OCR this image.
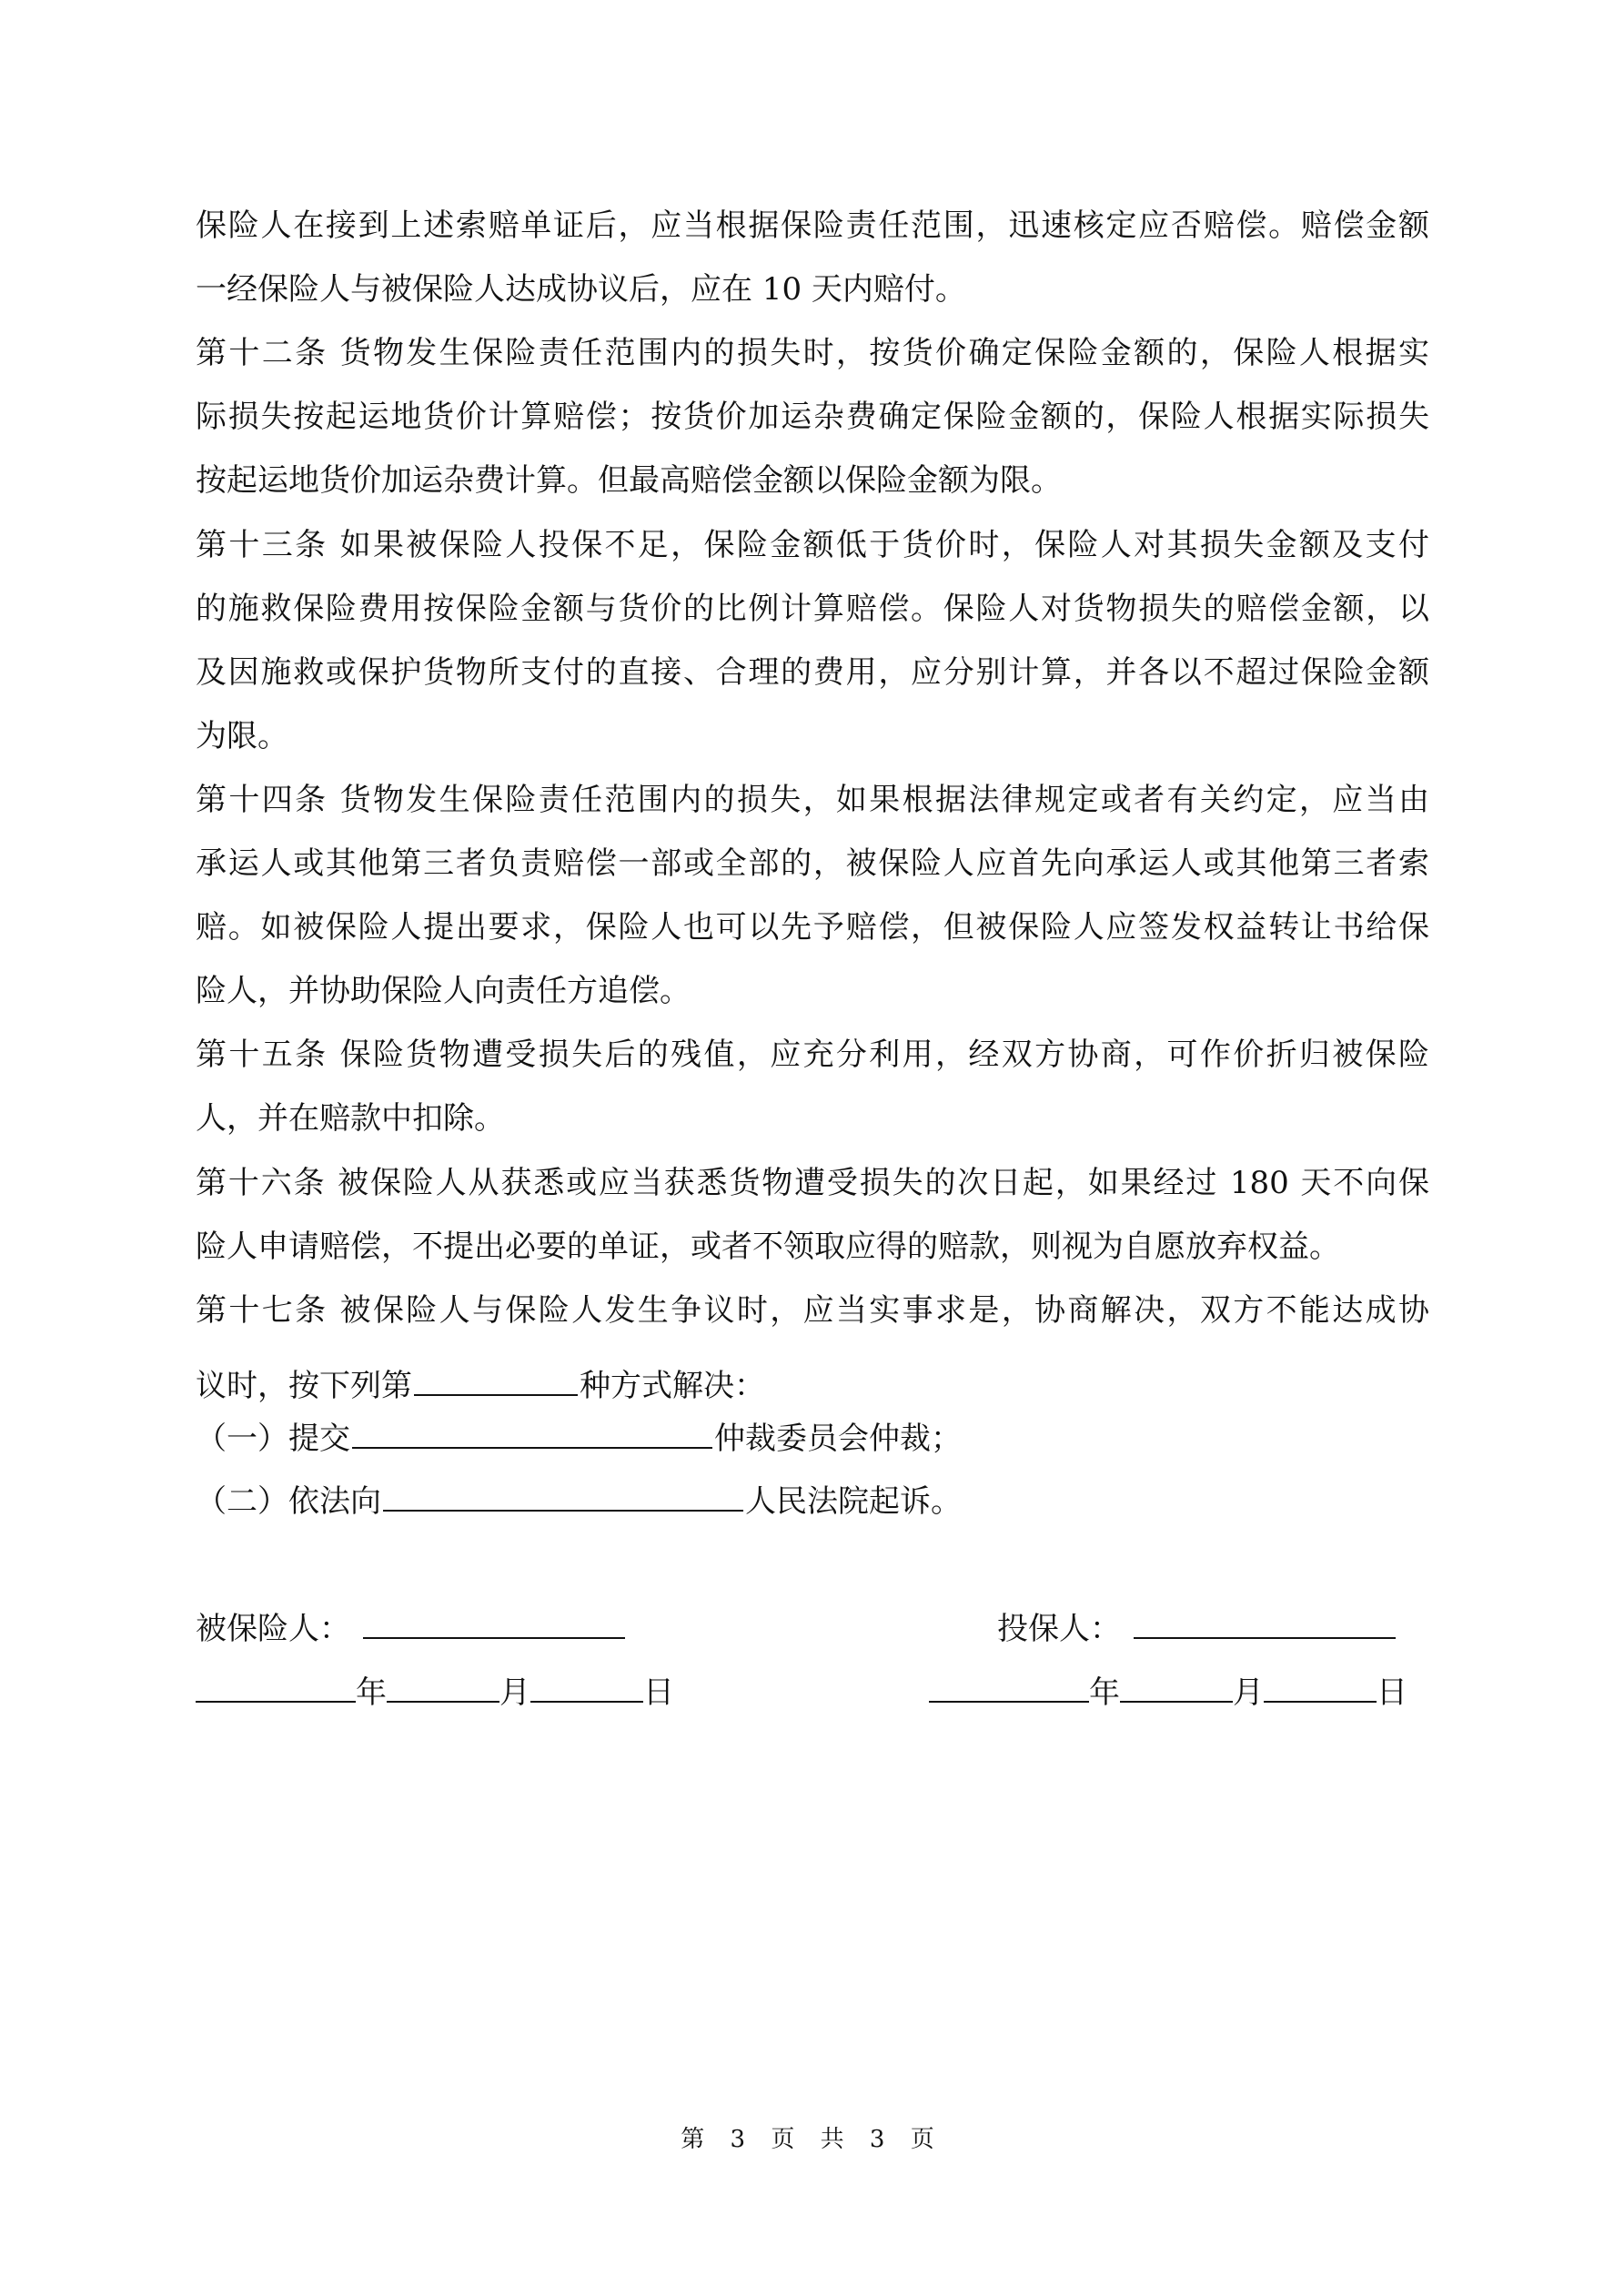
保险人在接到上述索赔单证后，应当根据保险责任范围，迅速核定应否赔偿。赔偿金额
一经保险人与被保险人达成协议后，应在 10 天内赔付。
第十二条 货物发生保险责任范围内的损失时，按货价确定保险金额的，保险人根据实
际损失按起运地货价计算赔偿；按货价加运杂费确定保险金额的，保险人根据实际损失
按起运地货价加运杂费计算。但最高赔偿金额以保险金额为限。
第十三条 如果被保险人投保不足，保险金额低于货价时，保险人对其损失金额及支付
的施救保险费用按保险金额与货价的比例计算赔偿。保险人对货物损失的赔偿金额，以
及因施救或保护货物所支付的直接、合理的费用，应分别计算，并各以不超过保险金额
为限。
第十四条 货物发生保险责任范围内的损失，如果根据法律规定或者有关约定，应当由
承运人或其他第三者负责赔偿一部或全部的，被保险人应首先向承运人或其他第三者索
赔。如被保险人提出要求，保险人也可以先予赔偿，但被保险人应签发权益转让书给保
险人，并协助保险人向责任方追偿。
第十五条 保险货物遭受损失后的残值，应充分利用，经双方协商，可作价折归被保险
人，并在赔款中扣除。
第十六条 被保险人从获悉或应当获悉货物遭受损失的次日起，如果经过 180 天不向保
险人申请赔偿，不提出必要的单证，或者不领取应得的赔款，则视为自愿放弃权益。
第十七条 被保险人与保险人发生争议时，应当实事求是，协商解决，双方不能达成协
议时，按下列第	种方式解决：
（一）提交	仲裁委员会仲裁；
（二）依法向	人民法院起诉。
被保险人：
年	月	日
投保人：
年	月	日
第 3 页 共 3 页
